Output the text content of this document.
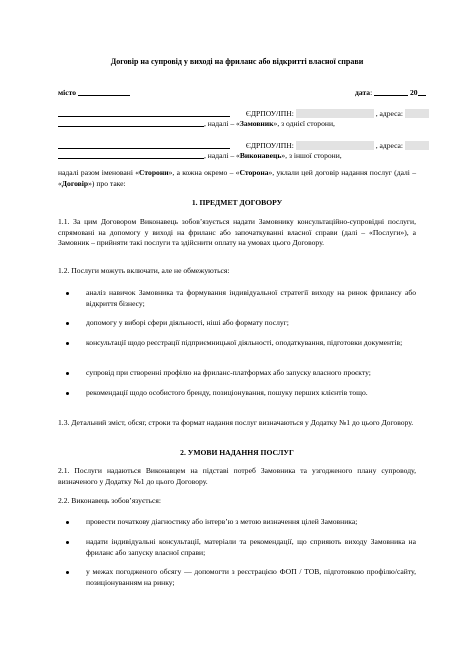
Договір на супровід у виході на фриланс або відкритті власної справи
місто	дата:	20
ЄДРПОУ/ІПН:	, адреса:
, надалі – «Замовник», з однієї сторони,
ЄДРПОУ/ІПН:	, адреса:
, надалі – «Виконавець», з іншої сторони,
надалі разом іменовані «Сторони», а кожна окремо – «Сторона», уклали цей договір надання послуг (далі – «Договір») про таке:
1. ПРЕДМЕТ ДОГОВОРУ
1.1. За цим Договором Виконавець зобов’язується надати Замовнику консультаційно-супровідні послуги, спрямовані на допомогу у виході на фриланс або започаткуванні власної справи (далі – «Послуги»), а Замовник – прийняти такі послуги та здійснити оплату на умовах цього Договору.
1.2. Послуги можуть включати, але не обмежуються:
аналіз навичок Замовника та формування індивідуальної стратегії виходу на ринок фрилансу або відкриття бізнесу;
допомогу у виборі сфери діяльності, ніші або формату послуг;
консультації щодо реєстрації підприємницької діяльності, оподаткування, підготовки документів;
супровід при створенні профілю на фриланс-платформах або запуску власного проєкту;
рекомендації щодо особистого бренду, позиціонування, пошуку перших клієнтів тощо.
1.3. Детальний зміст, обсяг, строки та формат надання послуг визначаються у Додатку №1 до цього Договору.
2. УМОВИ НАДАННЯ ПОСЛУГ
2.1. Послуги надаються Виконавцем на підставі потреб Замовника та узгодженого плану супроводу, визначеного у Додатку №1 до цього Договору.
2.2. Виконавець зобов’язується:
провести початкову діагностику або інтерв’ю з метою визначення цілей Замовника;
надати індивідуальні консультації, матеріали та рекомендації, що сприяють виходу Замовника на фриланс або запуску власної справи;
у межах погодженого обсягу — допомогти з реєстрацією ФОП / ТОВ, підготовкою профілю/сайту, позиціонуванням на ринку;
